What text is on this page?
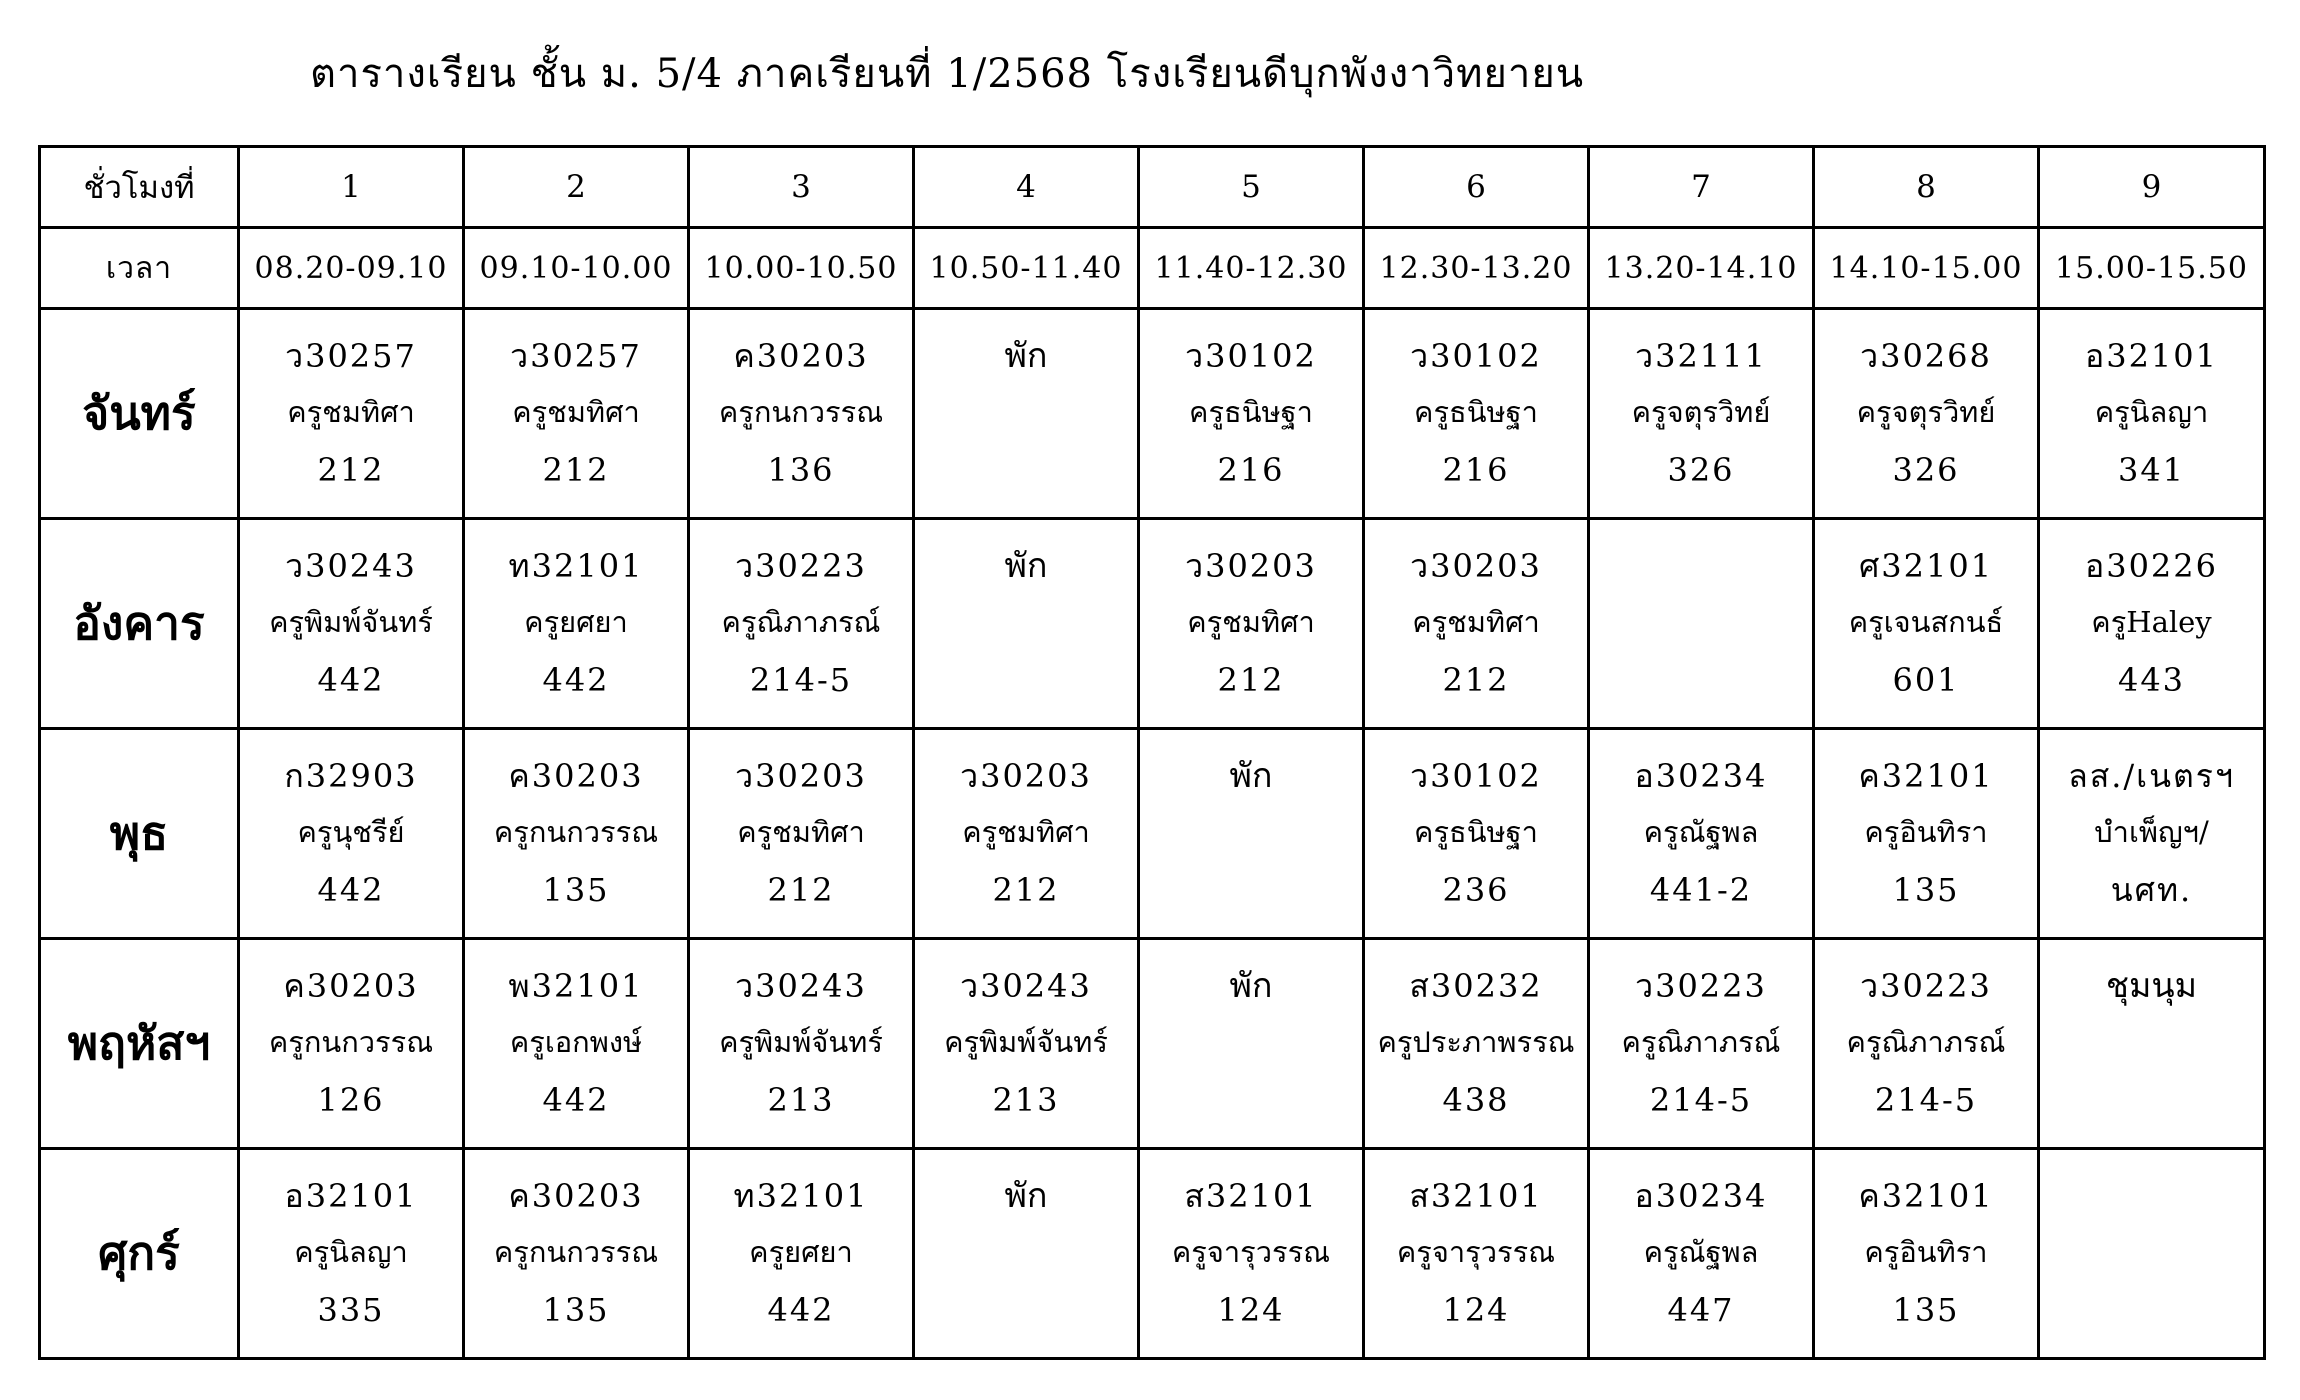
ตารางเรียน ชั้น ม. 5/4 ภาคเรียนที่ 1/2568 โรงเรียนดีบุกพังงาวิทยายน
ชั่วโมงที่	1	2	3	4	5	6	7	8	9
เวลา	08.20-09.10	09.10-10.00	10.00-10.50	10.50-11.40	11.40-12.30	12.30-13.20	13.20-14.10	14.10-15.00	15.00-15.50
จันทร์	ว30257
ครูชมทิศา
212	ว30257
ครูชมทิศา
212	ค30203
ครูกนกวรรณ
136	พัก	ว30102
ครูธนิษฐา
216	ว30102
ครูธนิษฐา
216	ว32111
ครูจตุรวิทย์
326	ว30268
ครูจตุรวิทย์
326	อ32101
ครูนิลญา
341

อังคาร	ว30243
ครูพิมพ์จันทร์
442	ท32101
ครูยศยา
442	ว30223
ครูณิภาภรณ์
214-5	พัก	ว30203
ครูชมทิศา
212	ว30203
ครูชมทิศา
212		ศ32101
ครูเจนสกนธ์
601	อ30226
ครูHaley
443

พุธ	ก32903
ครูนุชรีย์
442	ค30203
ครูกนกวรรณ
135	ว30203
ครูชมทิศา
212	ว30203
ครูชมทิศา
212	พัก	ว30102
ครูธนิษฐา
236	อ30234
ครูณัฐพล
441-2	ค32101
ครูอินทิรา
135	ลส./เนตรฯ
บำเพ็ญฯ/
นศท.

พฤหัสฯ	ค30203
ครูกนกวรรณ
126	พ32101
ครูเอกพงษ์
442	ว30243
ครูพิมพ์จันทร์
213	ว30243
ครูพิมพ์จันทร์
213	พัก	ส30232
ครูประภาพรรณ
438	ว30223
ครูณิภาภรณ์
214-5	ว30223
ครูณิภาภรณ์
214-5	ชุมนุม

ศุกร์	อ32101
ครูนิลญา
335	ค30203
ครูกนกวรรณ
135	ท32101
ครูยศยา
442	พัก	ส32101
ครูจารุวรรณ
124	ส32101
ครูจารุวรรณ
124	อ30234
ครูณัฐพล
447	ค32101
ครูอินทิรา
135	
